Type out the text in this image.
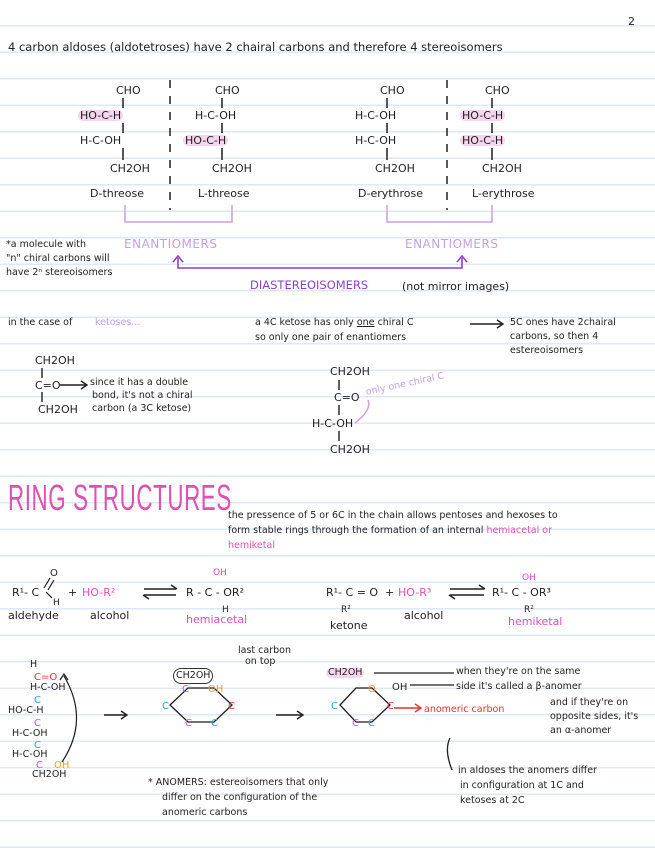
2
4 carbon aldoses (aldotetroses) have 2 chairal carbons and therefore 4 stereoisomers
CHO
HO-C-H
H-C-OH
CH2OH
D-threose
CHO
H-C-OH
HO-C-H
CH2OH
L-threose
CHO
H-C-OH
H-C-OH
CH2OH
D-erythrose
CHO
HO-C-H
HO-C-H
CH2OH
L-erythrose
ENANTIOMERS	ENANTIOMERS
*a molecule with
"n" chiral carbons will
have 2ⁿ stereoisomers
DIASTEREOISOMERS	(not mirror images)
in the case of ketoses...	a 4C ketose has only one chiral C
so only one pair of enantiomers
5C ones have 2chairal
carbons, so then 4
estereoisomers
CH2OH
C=O
CH2OH
since it has a double
bond, it's not a chiral
carbon (a 3C ketose)
CH2OH
C=O
H-C-OH
CH2OH
only one chiral C
RING STRUCTURES
the pressence of 5 or 6C in the chain allows pentoses and hexoses to
form stable rings through the formation of an internal hemiacetal or
hemiketal
R¹- C	+ HO-R²	R - C - OR²
aldehyde	alcohol	hemiacetal
R¹- C = O + HO-R³	R¹- C - OR³
ketone
alcohol	hemiketal
H
H-C-OH
HO-C-H
H-C-OH
H-C-OH
CH2OH
last carbon
on top
CH2OH	CH2OH
anomeric carbon
when they're on the same
side it's called a β-anomer
and if they're on
opposite sides, it's
an α-anomer
* ANOMERS: estereoisomers that only
differ on the configuration of the
anomeric carbons
in aldoses the anomers differ
in configuration at 1C and
ketoses at 2C
O
H
OH
H	R²
OH
R²
C=O
C
C
C
C OH
C
C C
C
OH
C
C
C C
C
O OH
